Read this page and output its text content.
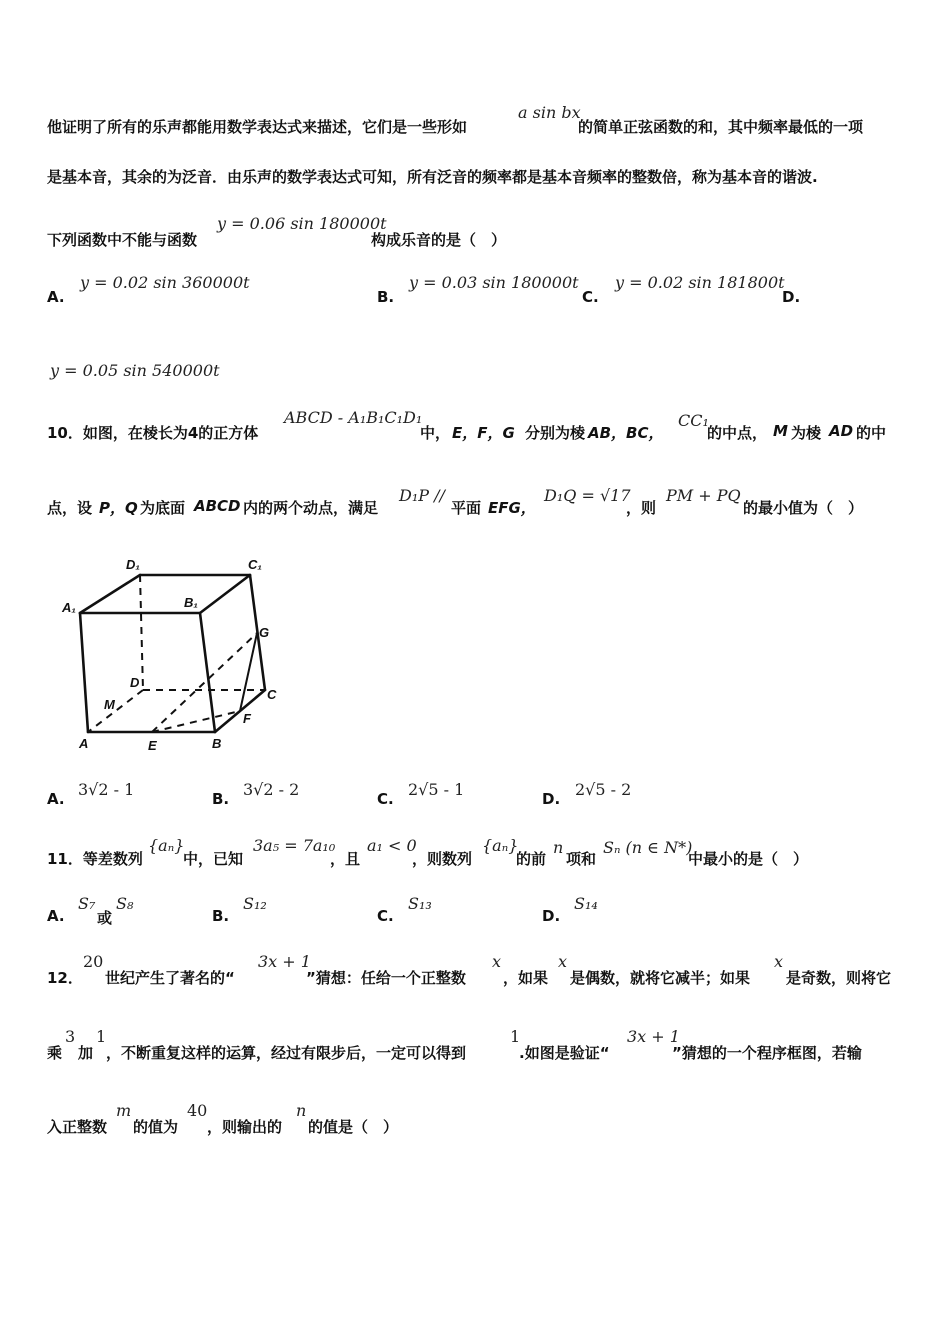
他证明了所有的乐声都能用数学表达式来描述，它们是一些形如
a sin bx
的简单正弦函数的和，其中频率最低的一项
是基本音，其余的为泛音．由乐声的数学表达式可知，所有泛音的频率都是基本音频率的整数倍，称为基本音的谐波.
下列函数中不能与函数
y = 0.06 sin 180000t
构成乐音的是（　）
A.
y = 0.02 sin 360000t
B.
y = 0.03 sin 180000t
C.
y = 0.02 sin 181800t
D.
y = 0.05 sin 540000t
10．如图，在棱长为4的正方体
ABCD - A₁B₁C₁D₁
中， E，F，G 分别为棱 AB，BC，
CC₁
的中点， M 为棱 AD 的中
点，设 P，Q 为底面 ABCD 内的两个动点，满足
D₁P //
平面 EFG，
D₁Q = √17
，则
PM + PQ
的最小值为（　）
D₁	C₁
A₁	B₁
G
D
C
M
F
A	E	B
A. 3√2 - 1	B. 3√2 - 2	C. 2√5 - 1	D. 2√5 - 2
11．等差数列
{aₙ}
中，已知
3a₅ = 7a₁₀
，且
a₁ < 0
，则数列
{aₙ}
的前
n
项和
Sₙ (n ∈ N*)
中最小的是（　）
A.
S₇
或
S₈
B.
S₁₂
C.
S₁₃
D.
S₁₄
12．
20
世纪产生了著名的“
3x + 1
”猜想：任给一个正整数
x
，如果
x
是偶数，就将它减半；如果
x
是奇数，则将它
乘
3
加
1
，不断重复这样的运算，经过有限步后，一定可以得到
1
.如图是验证“
3x + 1
”猜想的一个程序框图，若输
入正整数
m
的值为
40
，则输出的
n
的值是（　）
